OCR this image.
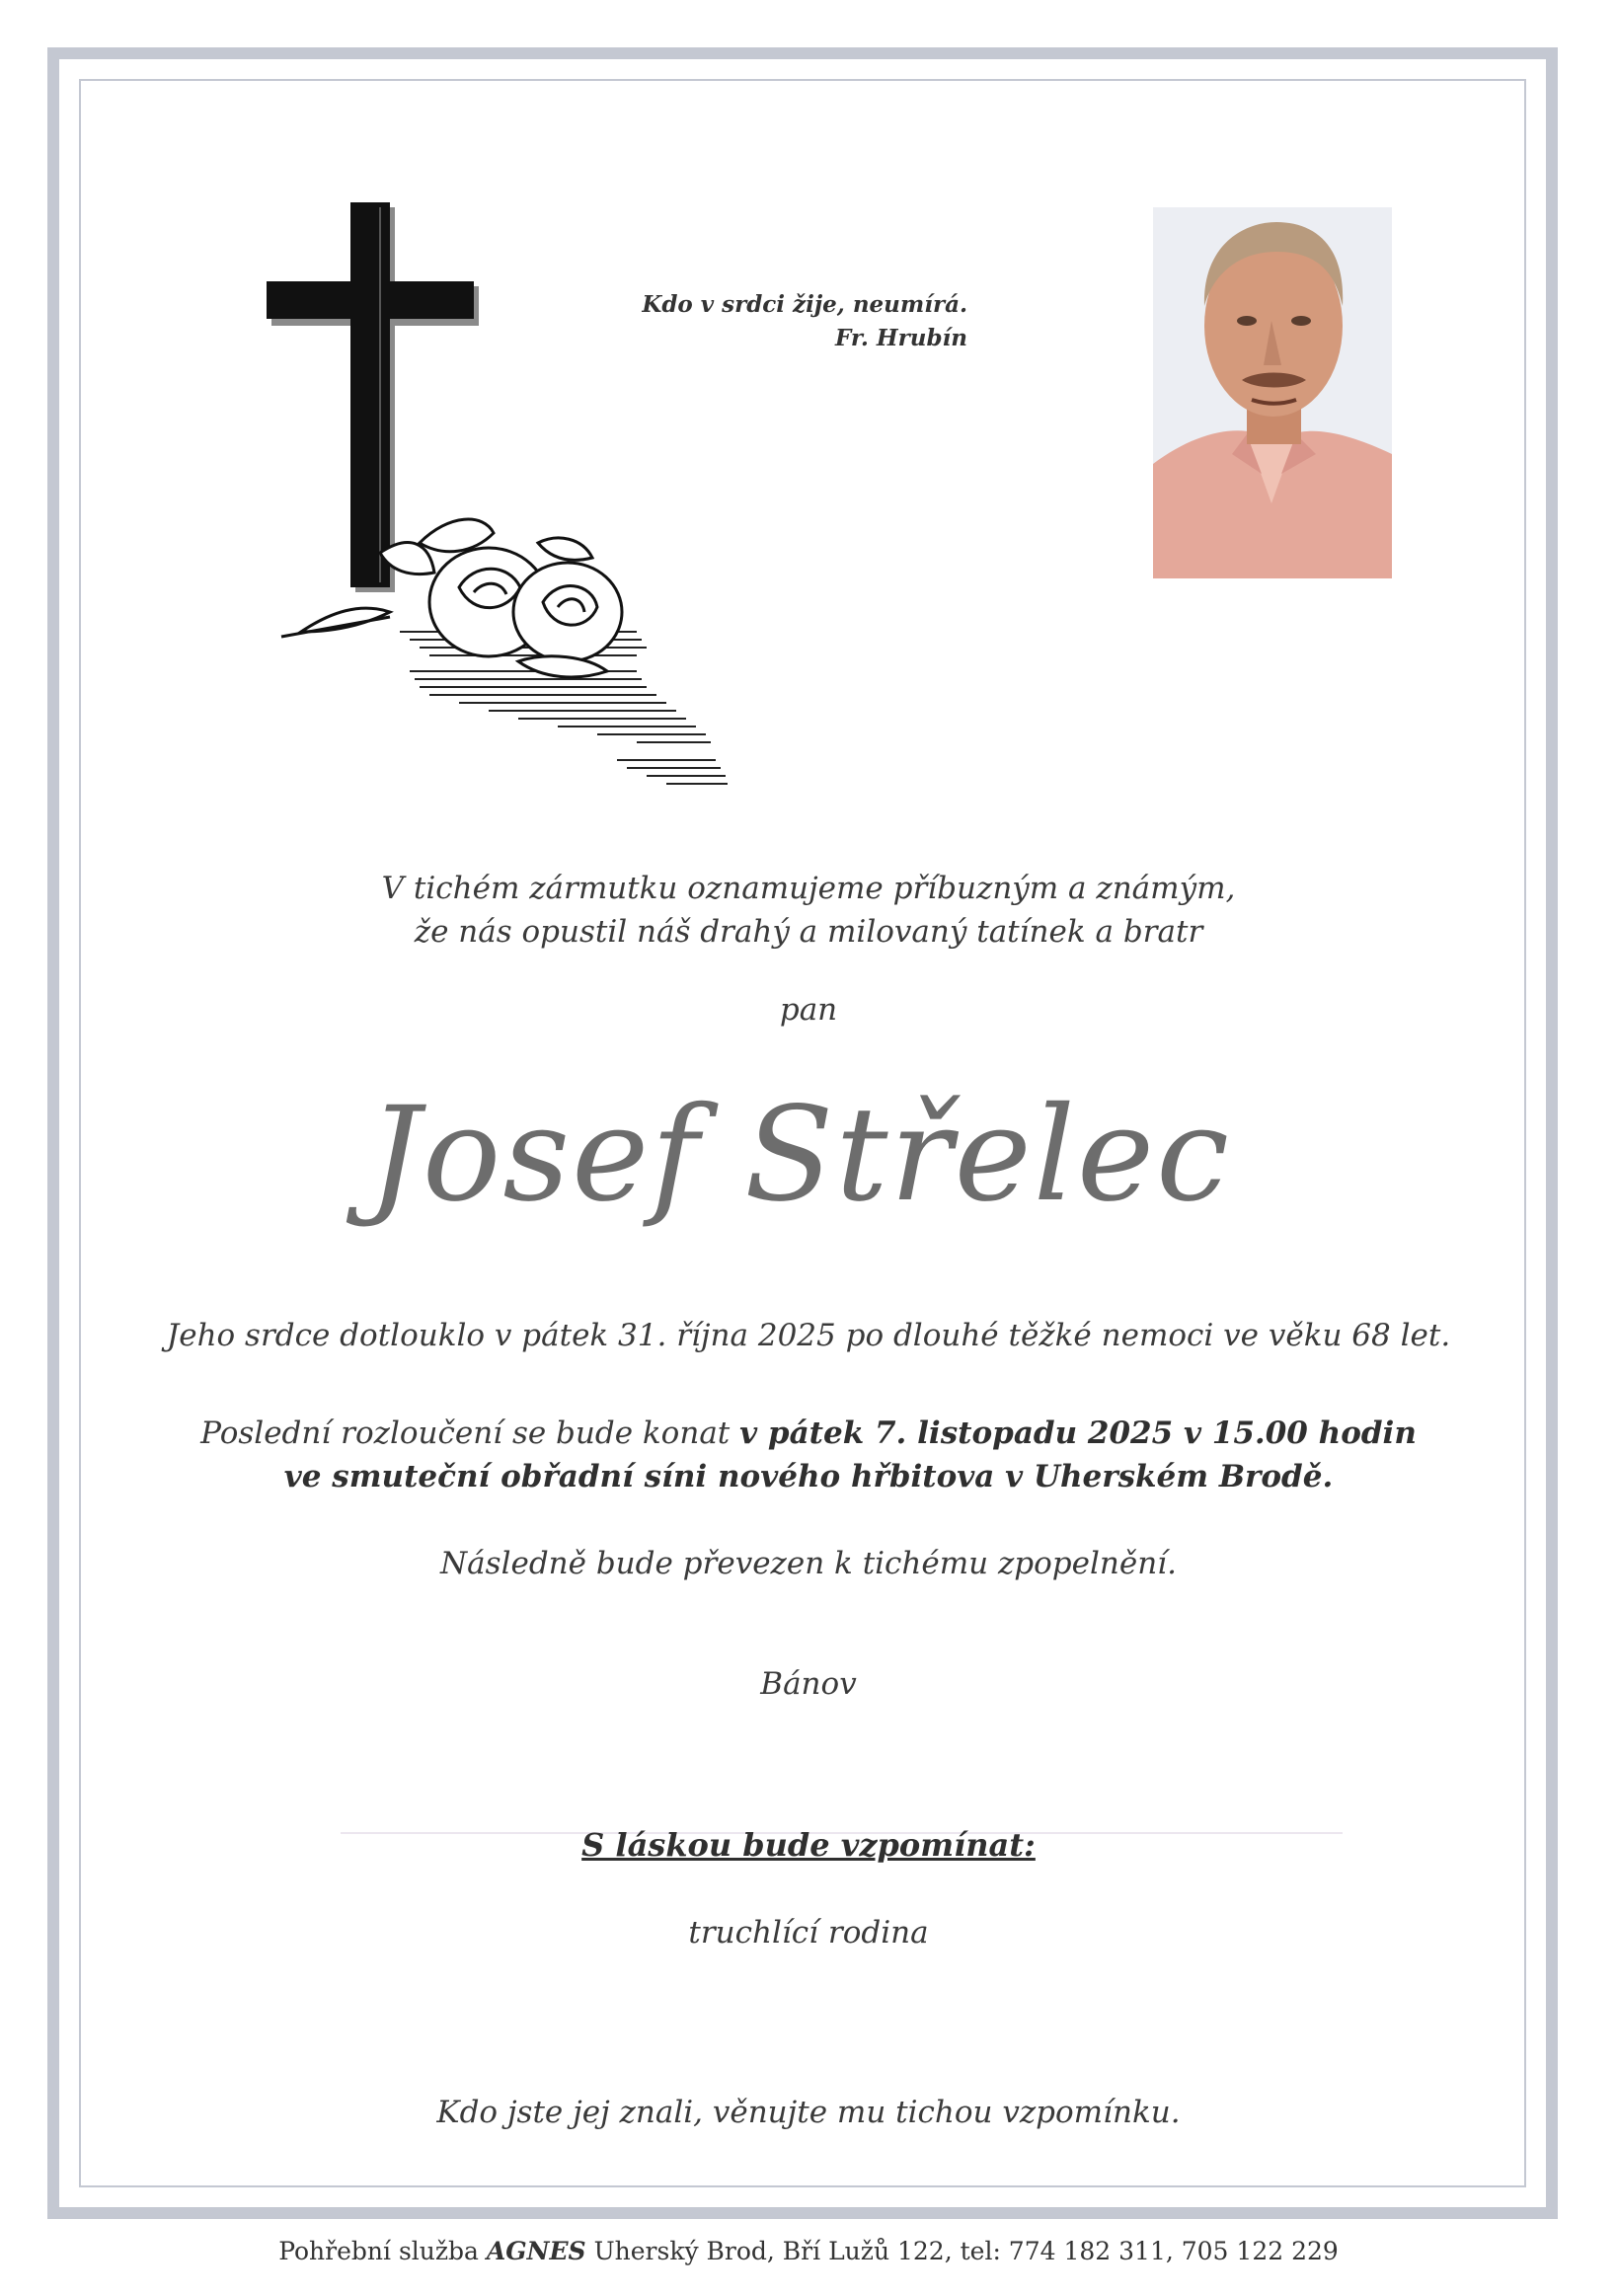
Kdo v srdci žije, neumírá.
Fr. Hrubín
V tichém zármutku oznamujeme příbuzným a známým,
že nás opustil náš drahý a milovaný tatínek a bratr
pan
Josef Střelec
Jeho srdce dotlouklo v pátek 31. října 2025 po dlouhé těžké nemoci ve věku 68 let.
Poslední rozloučení se bude konat v pátek 7. listopadu 2025 v 15.00 hodin
ve smuteční obřadní síni nového hřbitova v Uherském Brodě.
Následně bude převezen k tichému zpopelnění.
Bánov
S láskou bude vzpomínat:
truchlící rodina
Kdo jste jej znali, věnujte mu tichou vzpomínku.
Pohřební služba AGNES Uherský Brod, Bří Lužů 122, tel: 774 182 311, 705 122 229
